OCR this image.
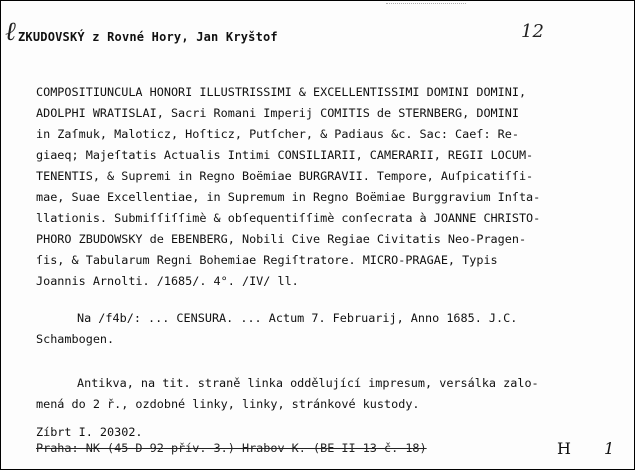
ℓ ZKUDOVSKÝ z Rovné Hory, Jan Kryštof	12
COMPOSITIUNCULA HONORI ILLUSTRISSIMI & EXCELLENTISSIMI DOMINI DOMINI,
ADOLPHI WRATISLAI, Sacri Romani Imperij COMITIS de STERNBERG, DOMINI
in Zaſmuk, Maloticz, Hoſticz, Putſcher, & Padiaus &c. Sac: Caeſ: Re-
giaeq; Majeſtatis Actualis Intimi CONSILIARII, CAMERARII, REGII LOCUM-
TENENTIS, & Supremi in Regno Boëmiae BURGRAVII. Tempore, Auſpicatiſſi-
mae, Suae Excellentiae, in Supremum in Regno Boëmiae Burggravium Inſta-
llationis. Submiſſiſſimè & obſequentiſſimè conſecrata à JOANNE CHRISTO-
PHORO ZBUDOWSKY de EBENBERG, Nobili Cive Regiae Civitatis Neo-Pragen-
ſis, & Tabularum Regni Bohemiae Regiſtratore. MICRO-PRAGAE, Typis
Joannis Arnolti. /1685/. 4°. /IV/ ll.
Na /f4b/: ... CENSURA. ... Actum 7. Februarij, Anno 1685. J.C.
Schambogen.
Antikva, na tit. straně linka oddělující impresum, versálka zalo-
mená do 2 ř., ozdobné linky, linky, stránkové kustody.
Zíbrt I. 20302.
Praha: NK (45 D 92 přív. 3.) Hrabov K. (BE II 13 č. 18)	H 1
